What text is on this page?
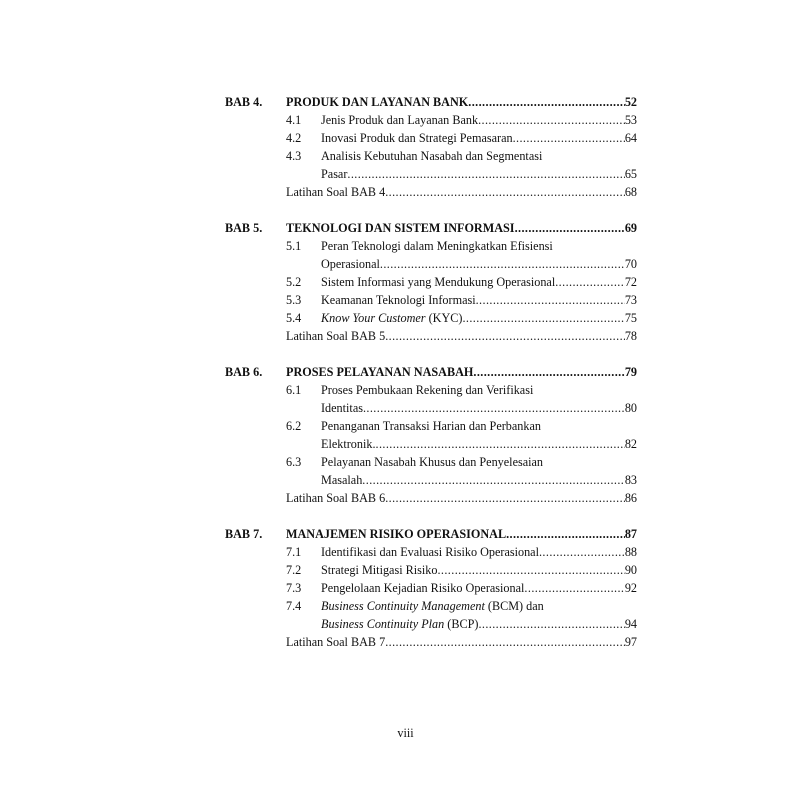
BAB 4.	PRODUK DAN LAYANAN BANK .....	52
4.1	Jenis Produk dan Layanan Bank .....	53
4.2	Inovasi Produk dan Strategi Pemasaran .....	64
4.3	Analisis Kebutuhan Nasabah dan Segmentasi
Pasar .....	65
Latihan Soal BAB 4 .....	68
BAB 5.	TEKNOLOGI DAN SISTEM INFORMASI .....	69
5.1	Peran Teknologi dalam Meningkatkan Efisiensi
Operasional .....	70
5.2	Sistem Informasi yang Mendukung Operasional .....	72
5.3	Keamanan Teknologi Informasi .....	73
5.4	Know Your Customer (KYC) .....	75
Latihan Soal BAB 5 .....	78
BAB 6.	PROSES PELAYANAN NASABAH .....	79
6.1	Proses Pembukaan Rekening dan Verifikasi
Identitas .....	80
6.2	Penanganan Transaksi Harian dan Perbankan
Elektronik. .....	82
6.3	Pelayanan Nasabah Khusus dan Penyelesaian
Masalah .....	83
Latihan Soal BAB 6 .....	86
BAB 7.	MANAJEMEN RISIKO OPERASIONAL .....	87
7.1	Identifikasi dan Evaluasi Risiko Operasional .....	88
7.2	Strategi Mitigasi Risiko .....	90
7.3	Pengelolaan Kejadian Risiko Operasional .....	92
7.4	Business Continuity Management (BCM) dan
Business Continuity Plan (BCP) .....	94
Latihan Soal BAB 7 .....	97
viii
